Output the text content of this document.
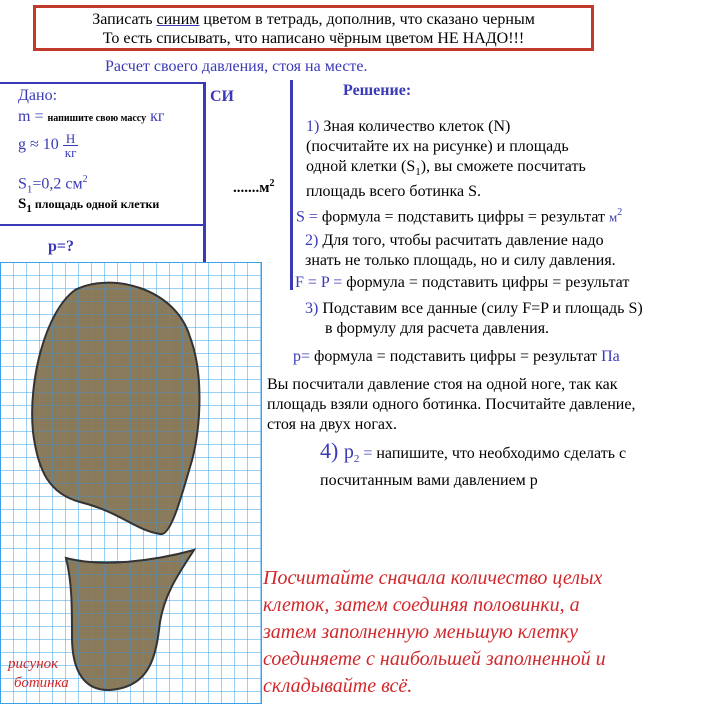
Записать синим цветом в тетрадь, дополнив, что сказано черным
То есть списывать, что написано чёрным цветом НЕ НАДО!!!
Расчет своего давления, стоя на месте.
Дано:
m = напишите свою массу кг
$g \approx 10 \frac{Н}{кг}$
$S_1=0,2$ $см^2$
$S_1$ площадь одной клетки
p=?
СИ
$.......м^2$
Решение:
1) Зная количество клеток (N)
(посчитайте их на рисунке) и площадь
одной клетки $(S_1)$, вы сможете посчитать
площадь всего ботинка S.
S = формула = подставить цифры = результат $м^2$
2) Для того, чтобы расчитать давление надо
знать не только площадь, но и силу давления.
F = P = формула = подставить цифры = результат
3) Подставим все данные (силу F=P и площадь S)
в формулу для расчета давления.
p= формула = подставить цифры = результат Па
Вы посчитали давление стоя на одной ноге, так как
площадь взяли одного ботинка. Посчитайте давление,
стоя на двух ногах.
4) $p_2$ = напишите, что необходимо сделать с
посчитанным вами давлением р
Посчитайте сначала количество целых
клеток, затем соединяя половинки, а
затем заполненную меньшую клетку
соединяете с наибольшей заполненной и
складывайте всё.
рисунок
ботинка
